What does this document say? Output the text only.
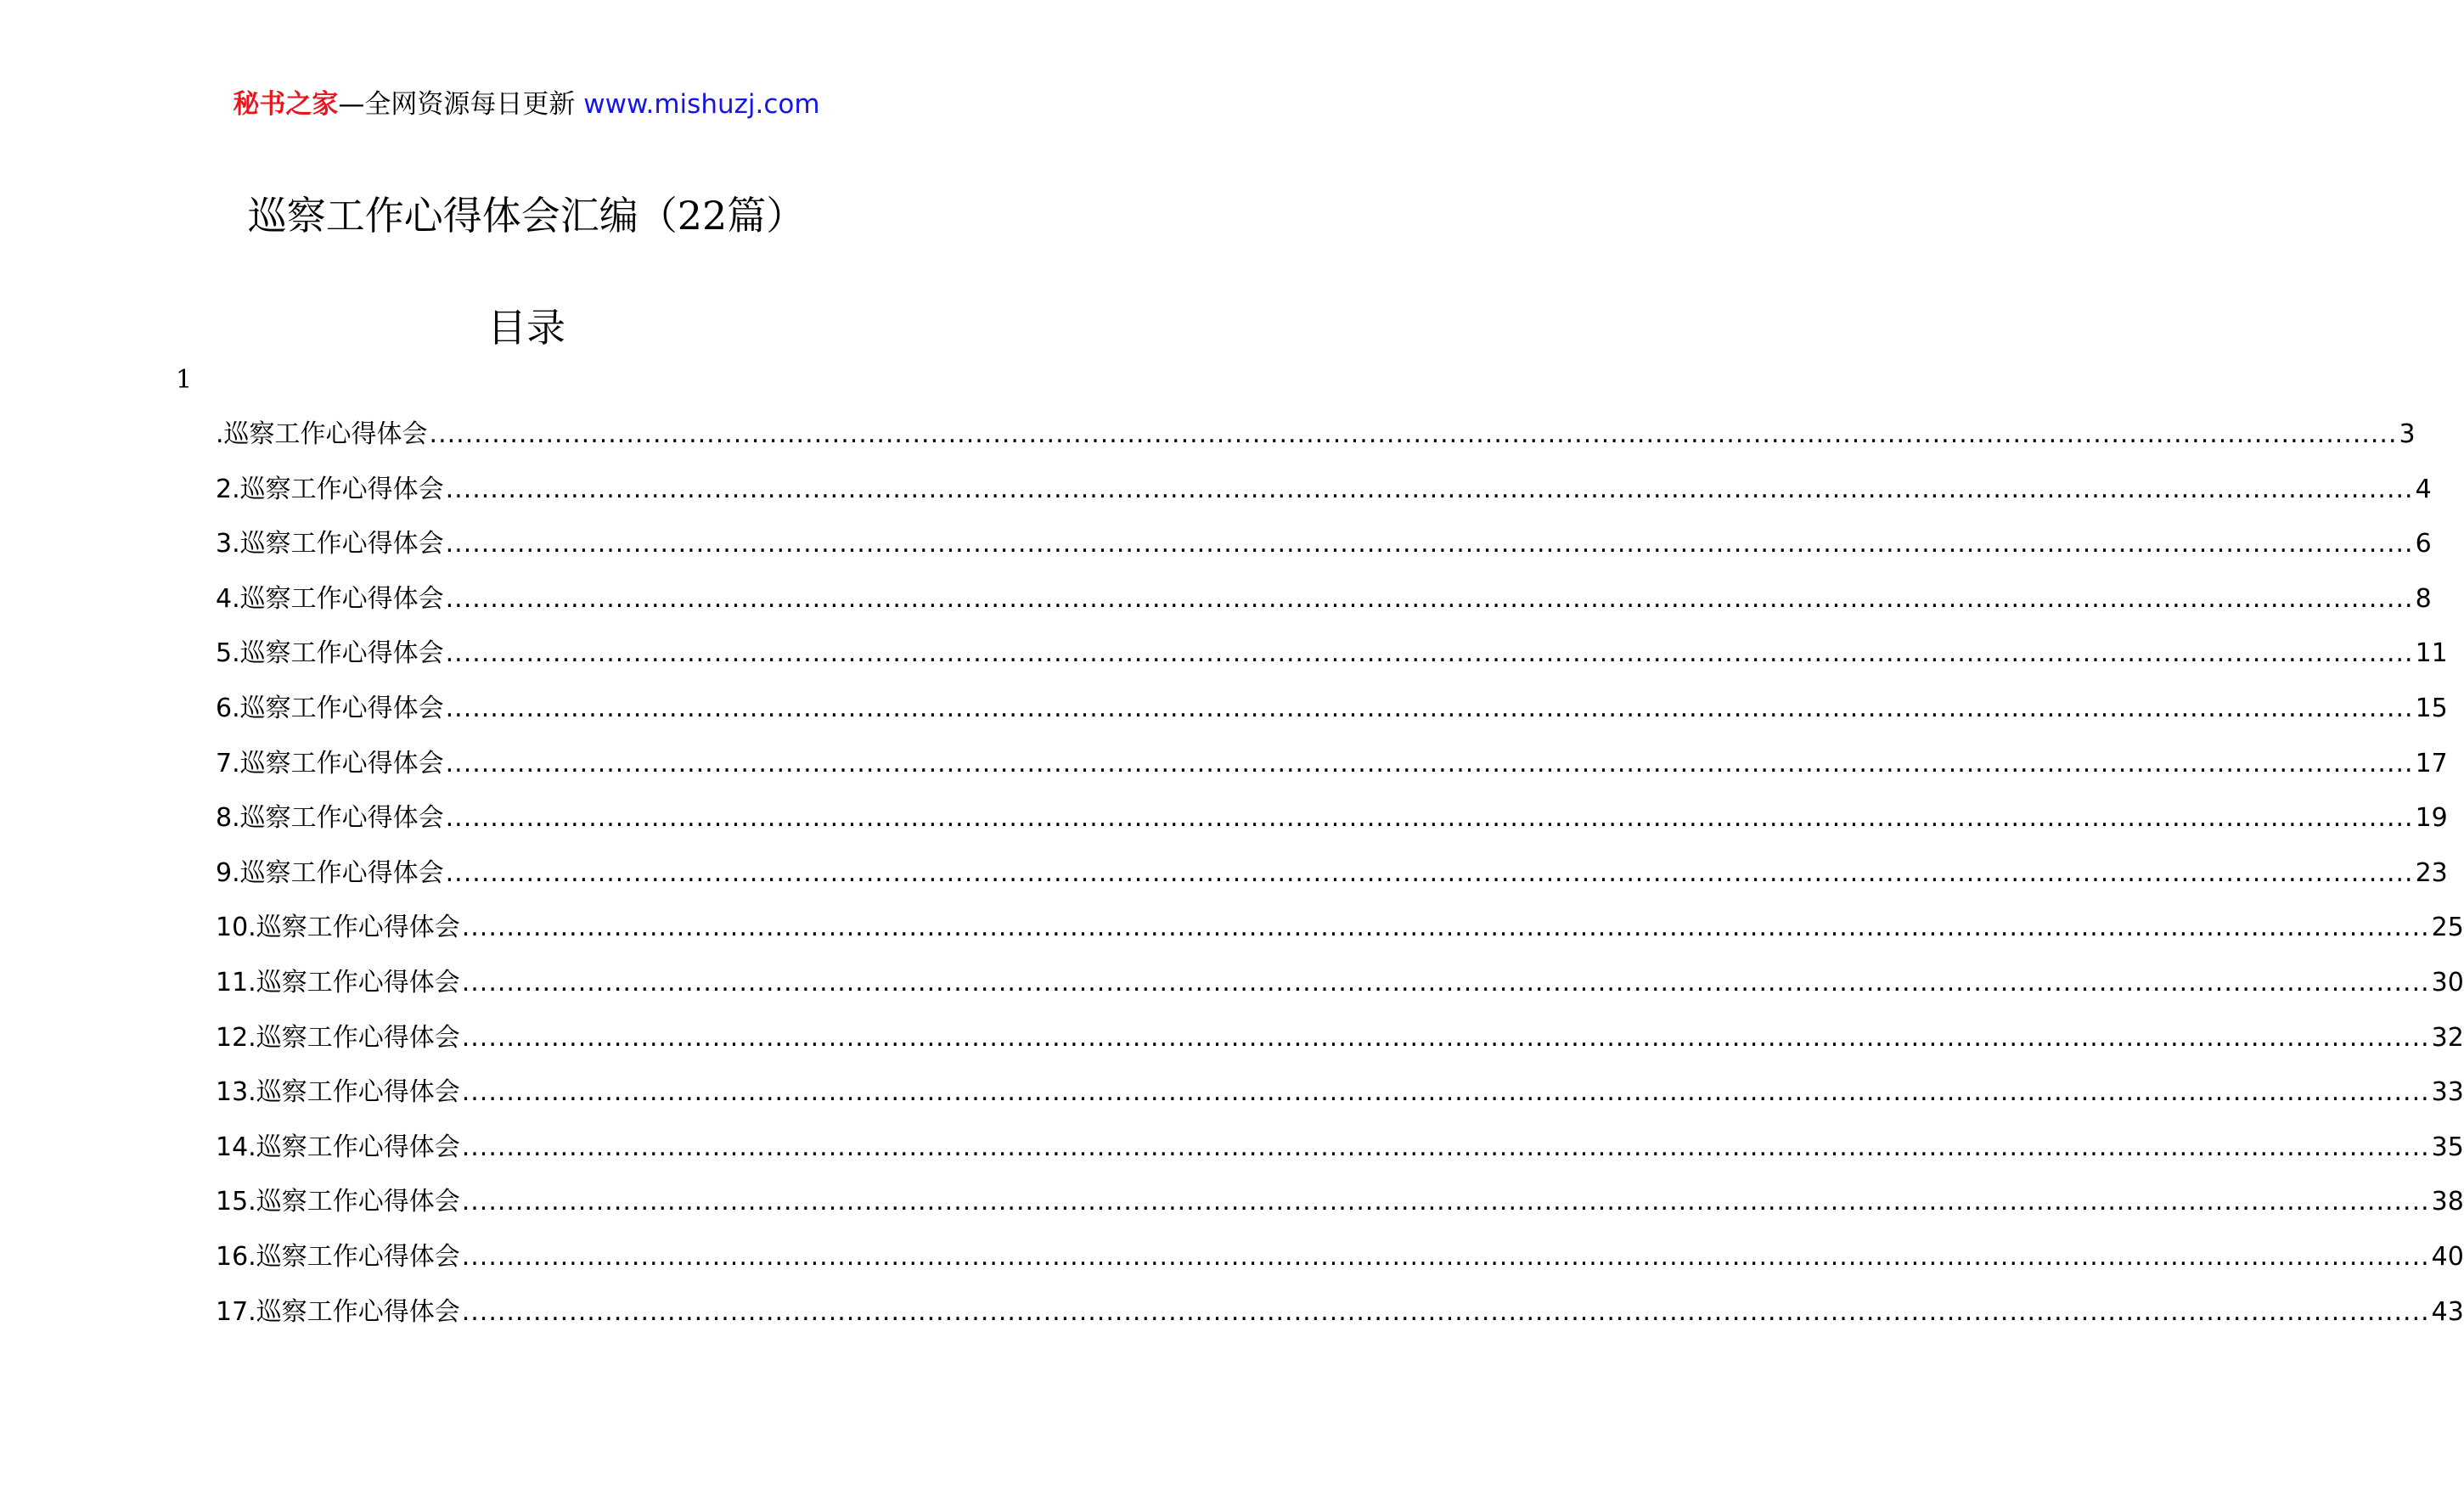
秘书之家—全网资源每日更新 www.mishuzj.com
巡察工作心得体会汇编（22篇）
目录
1
.巡察工作心得体会 ............................................................................................................................................................................................................................ 3
2.巡察工作心得体会 ............................................................................................................................................................................................................................ 4
3.巡察工作心得体会 ............................................................................................................................................................................................................................ 6
4.巡察工作心得体会 ............................................................................................................................................................................................................................ 8
5.巡察工作心得体会 ............................................................................................................................................................................................................................ 11
6.巡察工作心得体会 ............................................................................................................................................................................................................................ 15
7.巡察工作心得体会 ............................................................................................................................................................................................................................ 17
8.巡察工作心得体会 ............................................................................................................................................................................................................................ 19
9.巡察工作心得体会 ............................................................................................................................................................................................................................ 23
10.巡察工作心得体会 ............................................................................................................................................................................................................................ 25
11.巡察工作心得体会 ............................................................................................................................................................................................................................ 30
12.巡察工作心得体会 ............................................................................................................................................................................................................................ 32
13.巡察工作心得体会 ............................................................................................................................................................................................................................ 33
14.巡察工作心得体会 ............................................................................................................................................................................................................................ 35
15.巡察工作心得体会 ............................................................................................................................................................................................................................ 38
16.巡察工作心得体会 ............................................................................................................................................................................................................................ 40
17.巡察工作心得体会 ............................................................................................................................................................................................................................ 43
